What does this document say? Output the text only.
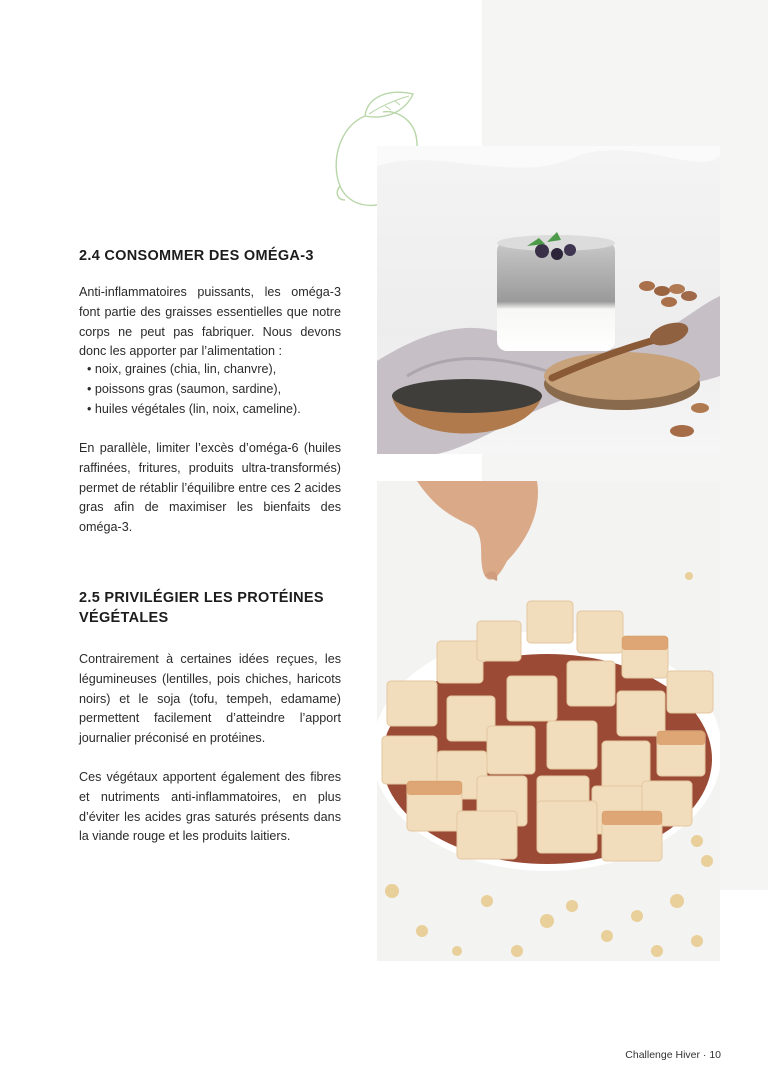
2.4 CONSOMMER DES OMÉGA-3

Anti-inflammatoires puissants, les oméga-3 font partie des graisses essentielles que notre corps ne peut pas fabriquer. Nous devons donc les apporter par l’alimentation :

• noix, graines (chia, lin, chanvre),
• poissons gras (saumon, sardine),
• huiles végétales (lin, noix, cameline).

En parallèle, limiter l’excès d’oméga-6 (huiles raffinées, fritures, produits ultra-transformés) permet de rétablir l’équilibre entre ces 2 acides gras afin de maximiser les bienfaits des oméga-3.

2.5 PRIVILÉGIER LES PROTÉINES
VÉGÉTALES

Contrairement à certaines idées reçues, les légumineuses (lentilles, pois chiches, haricots noirs) et le soja (tofu, tempeh, edamame) permettent facilement d’atteindre l’apport journalier préconisé en protéines.

Ces végétaux apportent également des fibres et nutriments anti-inflammatoires, en plus d’éviter les acides gras saturés présents dans la viande rouge et les produits laitiers.

Challenge Hiver · 10
